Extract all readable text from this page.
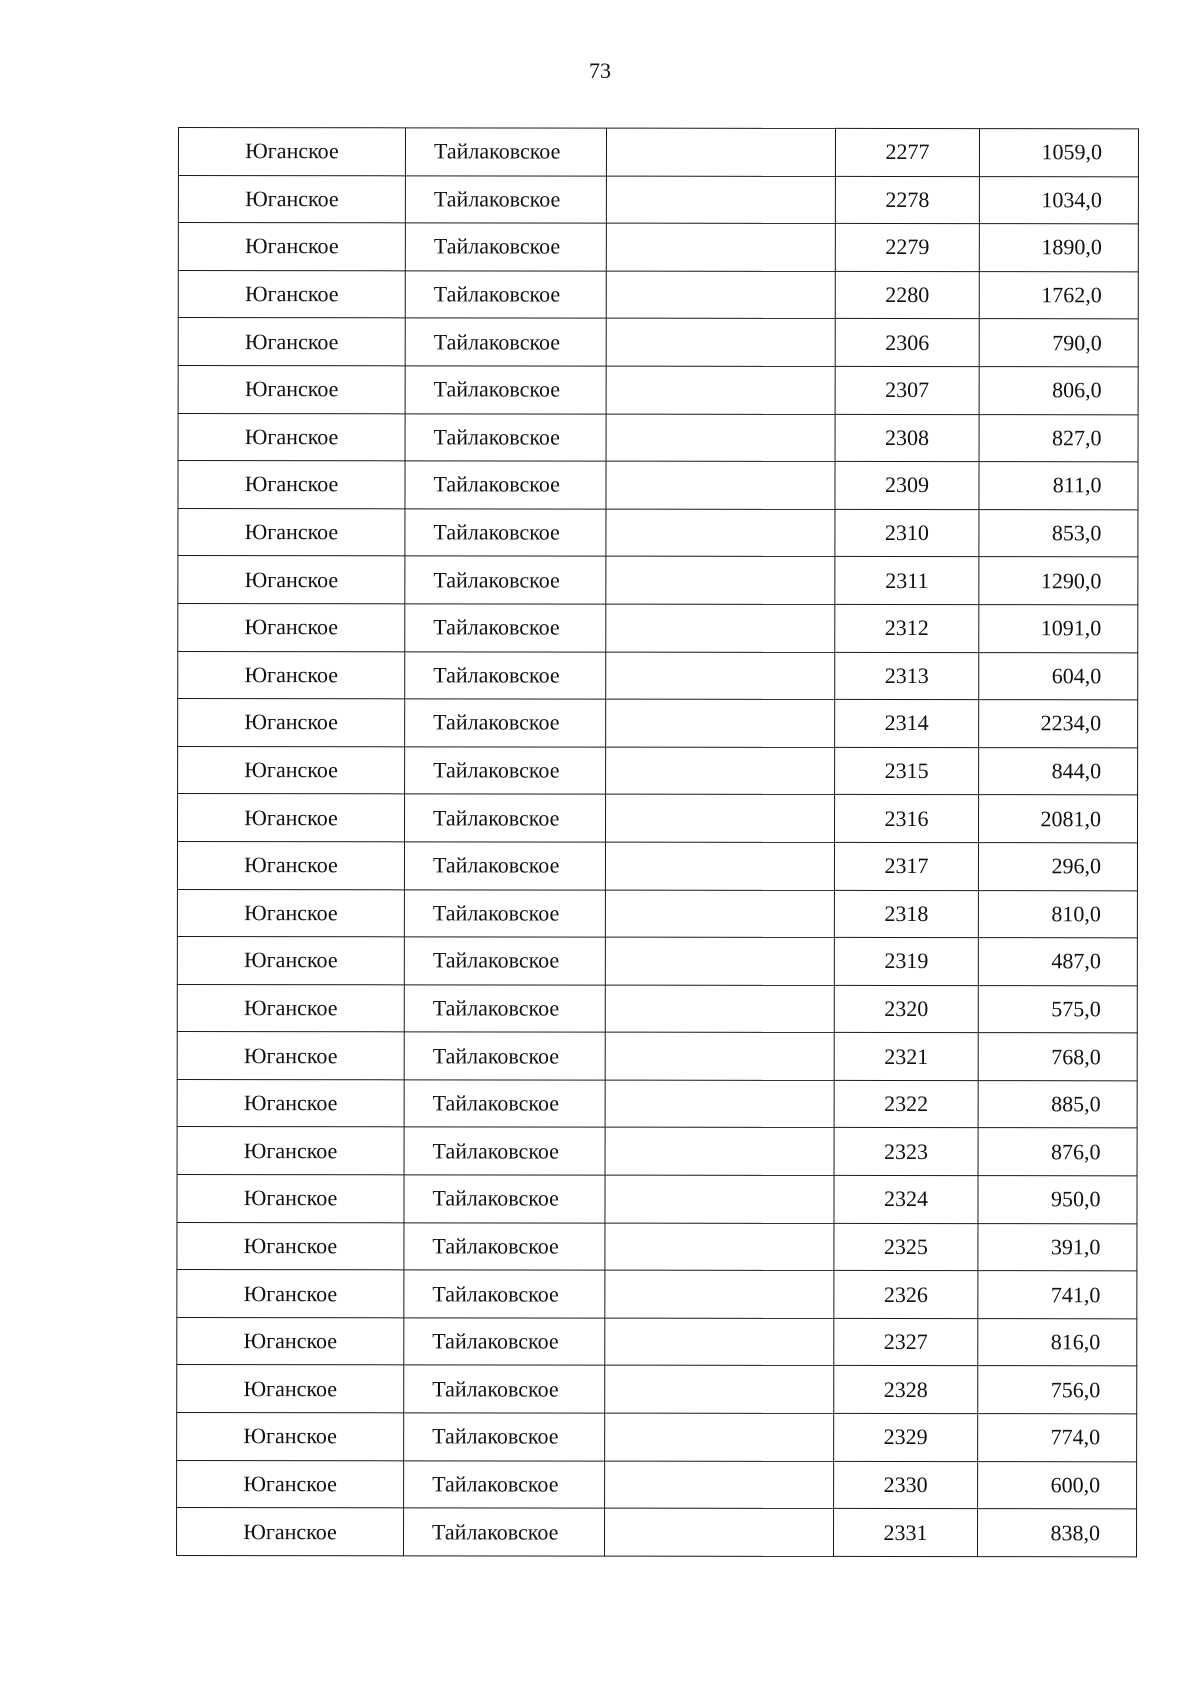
73
Юганское	Тайлаковское		2277	1059,0
Юганское	Тайлаковское		2278	1034,0
Юганское	Тайлаковское		2279	1890,0
Юганское	Тайлаковское		2280	1762,0
Юганское	Тайлаковское		2306	790,0
Юганское	Тайлаковское		2307	806,0
Юганское	Тайлаковское		2308	827,0
Юганское	Тайлаковское		2309	811,0
Юганское	Тайлаковское		2310	853,0
Юганское	Тайлаковское		2311	1290,0
Юганское	Тайлаковское		2312	1091,0
Юганское	Тайлаковское		2313	604,0
Юганское	Тайлаковское		2314	2234,0
Юганское	Тайлаковское		2315	844,0
Юганское	Тайлаковское		2316	2081,0
Юганское	Тайлаковское		2317	296,0
Юганское	Тайлаковское		2318	810,0
Юганское	Тайлаковское		2319	487,0
Юганское	Тайлаковское		2320	575,0
Юганское	Тайлаковское		2321	768,0
Юганское	Тайлаковское		2322	885,0
Юганское	Тайлаковское		2323	876,0
Юганское	Тайлаковское		2324	950,0
Юганское	Тайлаковское		2325	391,0
Юганское	Тайлаковское		2326	741,0
Юганское	Тайлаковское		2327	816,0
Юганское	Тайлаковское		2328	756,0
Юганское	Тайлаковское		2329	774,0
Юганское	Тайлаковское		2330	600,0
Юганское	Тайлаковское		2331	838,0
